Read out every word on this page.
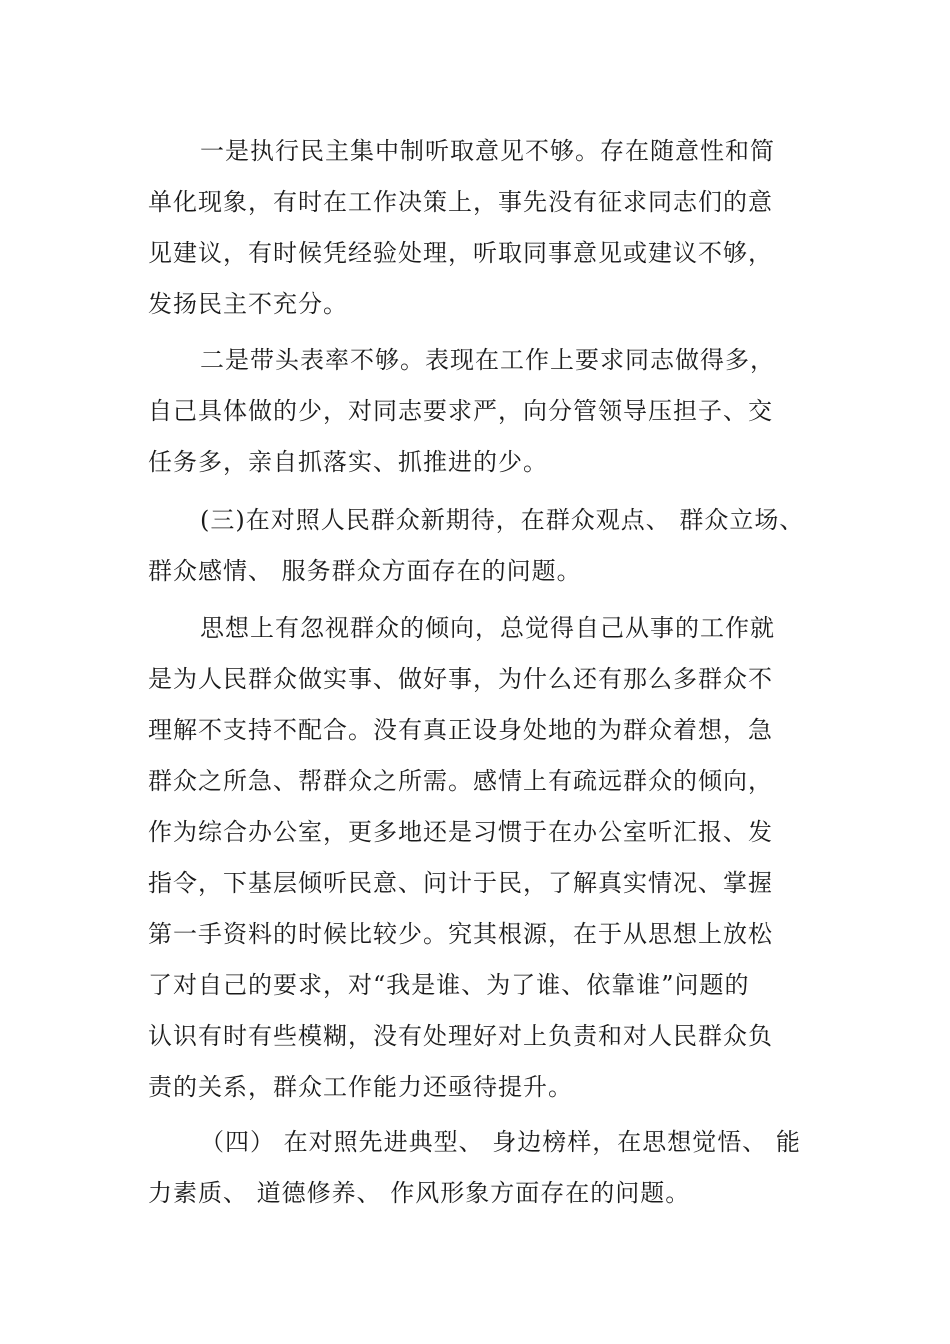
一是执行民主集中制听取意见不够。存在随意性和简
单化现象，有时在工作决策上，事先没有征求同志们的意
见建议，有时候凭经验处理，听取同事意见或建议不够，
发扬民主不充分。

二是带头表率不够。表现在工作上要求同志做得多，
自己具体做的少，对同志要求严，向分管领导压担子、交
任务多，亲自抓落实、抓推进的少。

(三)在对照人民群众新期待，在群众观点、 群众立场、
群众感情、 服务群众方面存在的问题。

思想上有忽视群众的倾向，总觉得自己从事的工作就
是为人民群众做实事、做好事，为什么还有那么多群众不
理解不支持不配合。没有真正设身处地的为群众着想，急
群众之所急、帮群众之所需。感情上有疏远群众的倾向，
作为综合办公室，更多地还是习惯于在办公室听汇报、发
指令，下基层倾听民意、问计于民，了解真实情况、掌握
第一手资料的时候比较少。究其根源，在于从思想上放松
了对自己的要求，对“我是谁、为了谁、依靠谁”问题的
认识有时有些模糊，没有处理好对上负责和对人民群众负
责的关系，群众工作能力还亟待提升。

（四） 在对照先进典型、 身边榜样，在思想觉悟、 能
力素质、 道德修养、 作风形象方面存在的问题。
